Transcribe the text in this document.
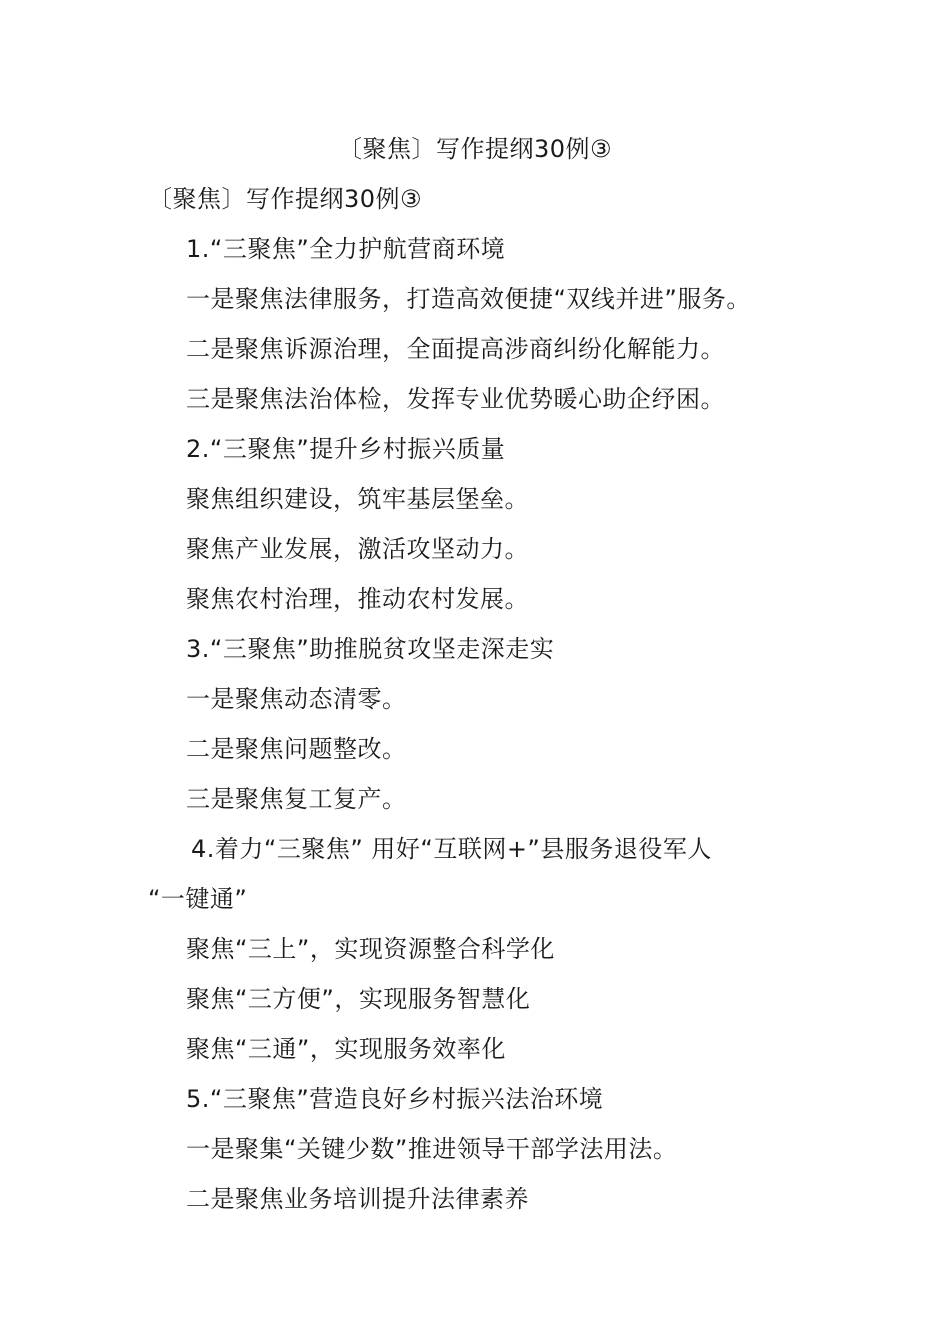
〔聚焦〕写作提纲30例③
〔聚焦〕写作提纲30例③
1.“三聚焦”全力护航营商环境
一是聚焦法律服务，打造高效便捷“双线并进”服务。
二是聚焦诉源治理，全面提高涉商纠纷化解能力。
三是聚焦法治体检，发挥专业优势暖心助企纾困。
2.“三聚焦”提升乡村振兴质量
聚焦组织建设，筑牢基层堡垒。
聚焦产业发展，激活攻坚动力。
聚焦农村治理，推动农村发展。
3.“三聚焦”助推脱贫攻坚走深走实
一是聚焦动态清零。
二是聚焦问题整改。
三是聚焦复工复产。
4.着力“三聚焦” 用好“互联网+”县服务退役军人
“一键通”
聚焦“三上”，实现资源整合科学化
聚焦“三方便”，实现服务智慧化
聚焦“三通”，实现服务效率化
5.“三聚焦”营造良好乡村振兴法治环境
一是聚集“关键少数”推进领导干部学法用法。
二是聚焦业务培训提升法律素养
